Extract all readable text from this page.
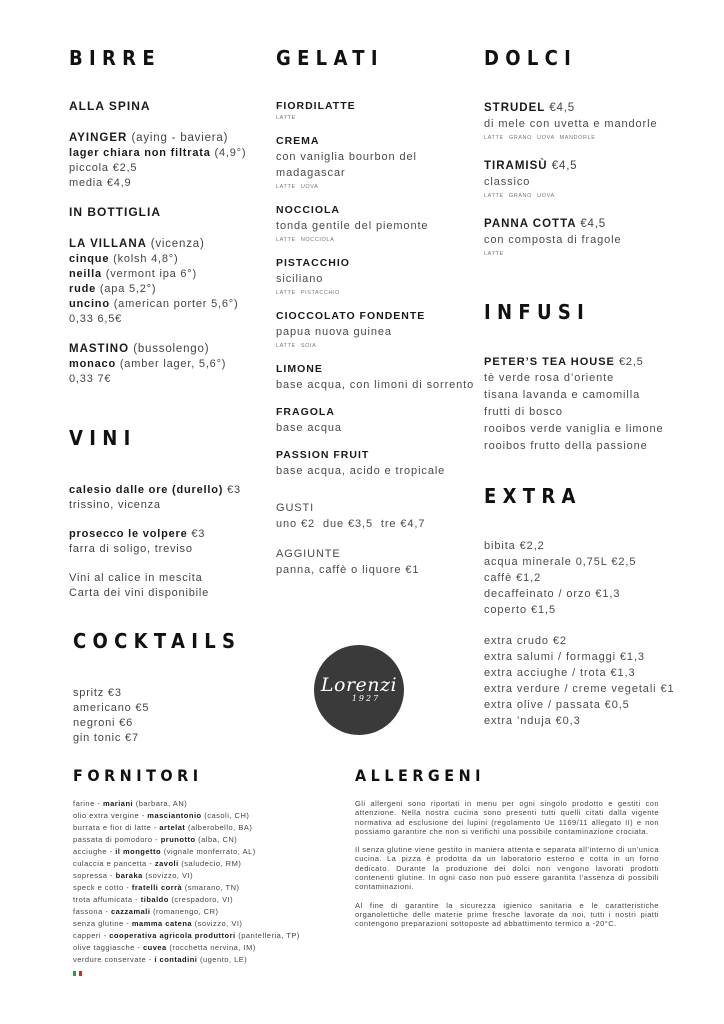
BIRRE
ALLA SPINA
AYINGER (aying - baviera)
lager chiara non filtrata (4,9°)
piccola €2,5
media €4,9
IN BOTTIGLIA
LA VILLANA (vicenza)
cinque (kolsh 4,8°)
neilla (vermont ipa 6°)
rude (apa 5,2°)
uncino (american porter 5,6°)
0,33 6,5€
MASTINO (bussolengo)
monaco (amber lager, 5,6°)
0,33 7€
VINI
calesio dalle ore (durello) €3
trissino, vicenza
prosecco le volpere €3
farra di soligo, treviso
Vini al calice in mescita
Carta dei vini disponibile
COCKTAILS
spritz €3
americano €5
negroni €6
gin tonic €7
GELATI
FIORDILATTE
LATTE
CREMA
con vaniglia bourbon del madagascar
LATTE UOVA
NOCCIOLA
tonda gentile del piemonte
LATTE NOCCIOLA
PISTACCHIO
siciliano
LATTE PISTACCHIO
CIOCCOLATO FONDENTE
papua nuova guinea
LATTE SOIA
LIMONE
base acqua, con limoni di sorrento
FRAGOLA
base acqua
PASSION FRUIT
base acqua, acido e tropicale
GUSTI
uno €2  due €3,5  tre €4,7
AGGIUNTE
panna, caffè o liquore €1
Lorenzi
1927
DOLCI
STRUDEL €4,5
di mele con uvetta e mandorle
LATTE GRANO UOVA MANDORLE
TIRAMISÙ €4,5
classico
LATTE GRANO UOVA
PANNA COTTA €4,5
con composta di fragole
LATTE
INFUSI
PETER’S TEA HOUSE €2,5
tè verde rosa d’oriente
tisana lavanda e camomilla
frutti di bosco
rooibos verde vaniglia e limone
rooibos frutto della passione
EXTRA
bibita €2,2
acqua minerale 0,75L €2,5
caffè €1,2
decaffeinato / orzo €1,3
coperto €1,5
extra crudo €2
extra salumi / formaggi €1,3
extra acciughe / trota €1,3
extra verdure / creme vegetali €1
extra olive / passata €0,5
extra ’nduja €0,3
FORNITORI
farine - mariani (barbara, AN)
olio extra vergine - masciantonio (casoli, CH)
burrata e fior di latte - artelat (alberobello, BA)
passata di pomodoro - prunotto (alba, CN)
acciughe - il mongetto (vignale monferrato, AL)
culaccia e pancetta - zavoli (saludecio, RM)
sopressa - baraka (sovizzo, VI)
speck e cotto - fratelli corrà (smarano, TN)
trota affumicata - tibaldo (crespadoro, VI)
fassona - cazzamali (romanengo, CR)
senza glutine - mamma catena (sovizzo, VI)
capperi - cooperativa agricola produttori (pantelleria, TP)
olive taggiasche - cuvea (rocchetta nervina, IM)
verdure conservate - i contadini (ugento, LE)
ALLERGENI
Gli allergeni sono riportati in menu per ogni singolo prodotto e gestiti con attenzione. Nella nostra cucina sono presenti tutti quelli citati dalla vigente normativa ad esclusione dei lupini (regolamento Ue 1169/11 allegato II) e non possiamo garantire che non si verifichi una possibile contaminazione crociata.
Il senza glutine viene gestito in maniera attenta e separata all’interno di un’unica cucina. La pizza è prodotta da un laboratorio esterno e cotta in un forno dedicato. Durante la produzione dei dolci non vengono lavorati prodotti contenenti glutine. In ogni caso non può essere garantita l’assenza di possibili contaminazioni.
Al fine di garantire la sicurezza igienico sanitaria e le caratteristiche organolettiche delle materie prime fresche lavorate da noi, tutti i nostri piatti contengono preparazioni sottoposte ad abbattimento termico a -20°C.
